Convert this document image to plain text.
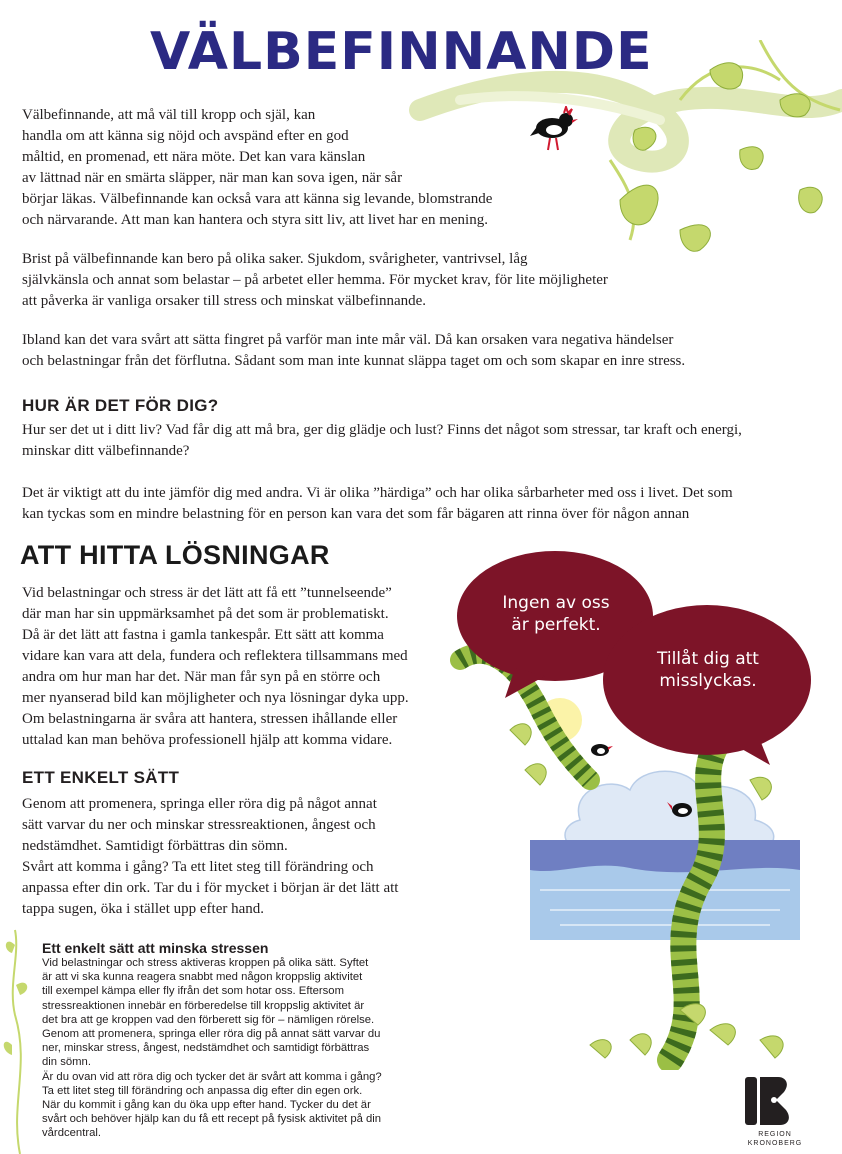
VÄLBEFINNANDE

Välbefinnande, att må väl till kropp och själ, kan
handla om att känna sig nöjd och avspänd efter en god
måltid, en promenad, ett nära möte. Det kan vara känslan
av lättnad när en smärta släpper, när man kan sova igen, när sår
börjar läkas. Välbefinnande kan också vara att känna sig levande, blomstrande
och närvarande. Att man kan hantera och styra sitt liv, att livet har en mening.

Brist på välbefinnande kan bero på olika saker. Sjukdom, svårigheter, vantrivsel, låg
självkänsla och annat som belastar – på arbetet eller hemma. För mycket krav, för lite möjligheter
att påverka är vanliga orsaker till stress och minskat välbefinnande.

Ibland kan det vara svårt att sätta fingret på varför man inte mår väl. Då kan orsaken vara negativa händelser
och belastningar från det förflutna. Sådant som man inte kunnat släppa taget om och som skapar en inre stress.

HUR ÄR DET FÖR DIG?

Hur ser det ut i ditt liv? Vad får dig att må bra, ger dig glädje och lust? Finns det något som stressar, tar kraft och energi,
minskar ditt välbefinnande?

Det är viktigt att du inte jämför dig med andra. Vi är olika ”härdiga” och har olika sårbarheter med oss i livet. Det som
kan tyckas som en mindre belastning för en person kan vara det som får bägaren att rinna över för någon annan

ATT HITTA LÖSNINGAR

Vid belastningar och stress är det lätt att få ett ”tunnelseende”
där man har sin uppmärksamhet på det som är problematiskt.
Då är det lätt att fastna i gamla tankespår. Ett sätt att komma
vidare kan vara att dela, fundera och reflektera tillsammans med
andra om hur man har det. När man får syn på en större och
mer nyanserad bild kan möjligheter och nya lösningar dyka upp.
Om belastningarna är svåra att hantera, stressen ihållande eller
uttalad kan man behöva professionell hjälp att komma vidare.

ETT ENKELT SÄTT

Genom att promenera, springa eller röra dig på något annat
sätt varvar du ner och minskar stressreaktionen, ångest och
nedstämdhet. Samtidigt förbättras din sömn.
Svårt att komma i gång? Ta ett litet steg till förändring och
anpassa efter din ork. Tar du i för mycket i början är det lätt att
tappa sugen, öka i stället upp efter hand.

Ett enkelt sätt att minska stressen

Vid belastningar och stress aktiveras kroppen på olika sätt. Syftet
är att vi ska kunna reagera snabbt med någon kroppslig aktivitet
till exempel kämpa eller fly ifrån det som hotar oss. Eftersom
stressreaktionen innebär en förberedelse till kroppslig aktivitet är
det bra att ge kroppen vad den förberett sig för – nämligen rörelse.
Genom att promenera, springa eller röra dig på annat sätt varvar du
ner, minskar stress, ångest, nedstämdhet och samtidigt förbättras
din sömn.
Är du ovan vid att röra dig och tycker det är svårt att komma i gång?
Ta ett litet steg till förändring och anpassa dig efter din egen ork.
När du kommit i gång kan du öka upp efter hand. Tycker du det är
svårt och behöver hjälp kan du få ett recept på fysisk aktivitet på din
vårdcentral.

Ingen av oss
är perfekt.
Tillåt dig att
misslyckas.
REGION
KRONOBERG
